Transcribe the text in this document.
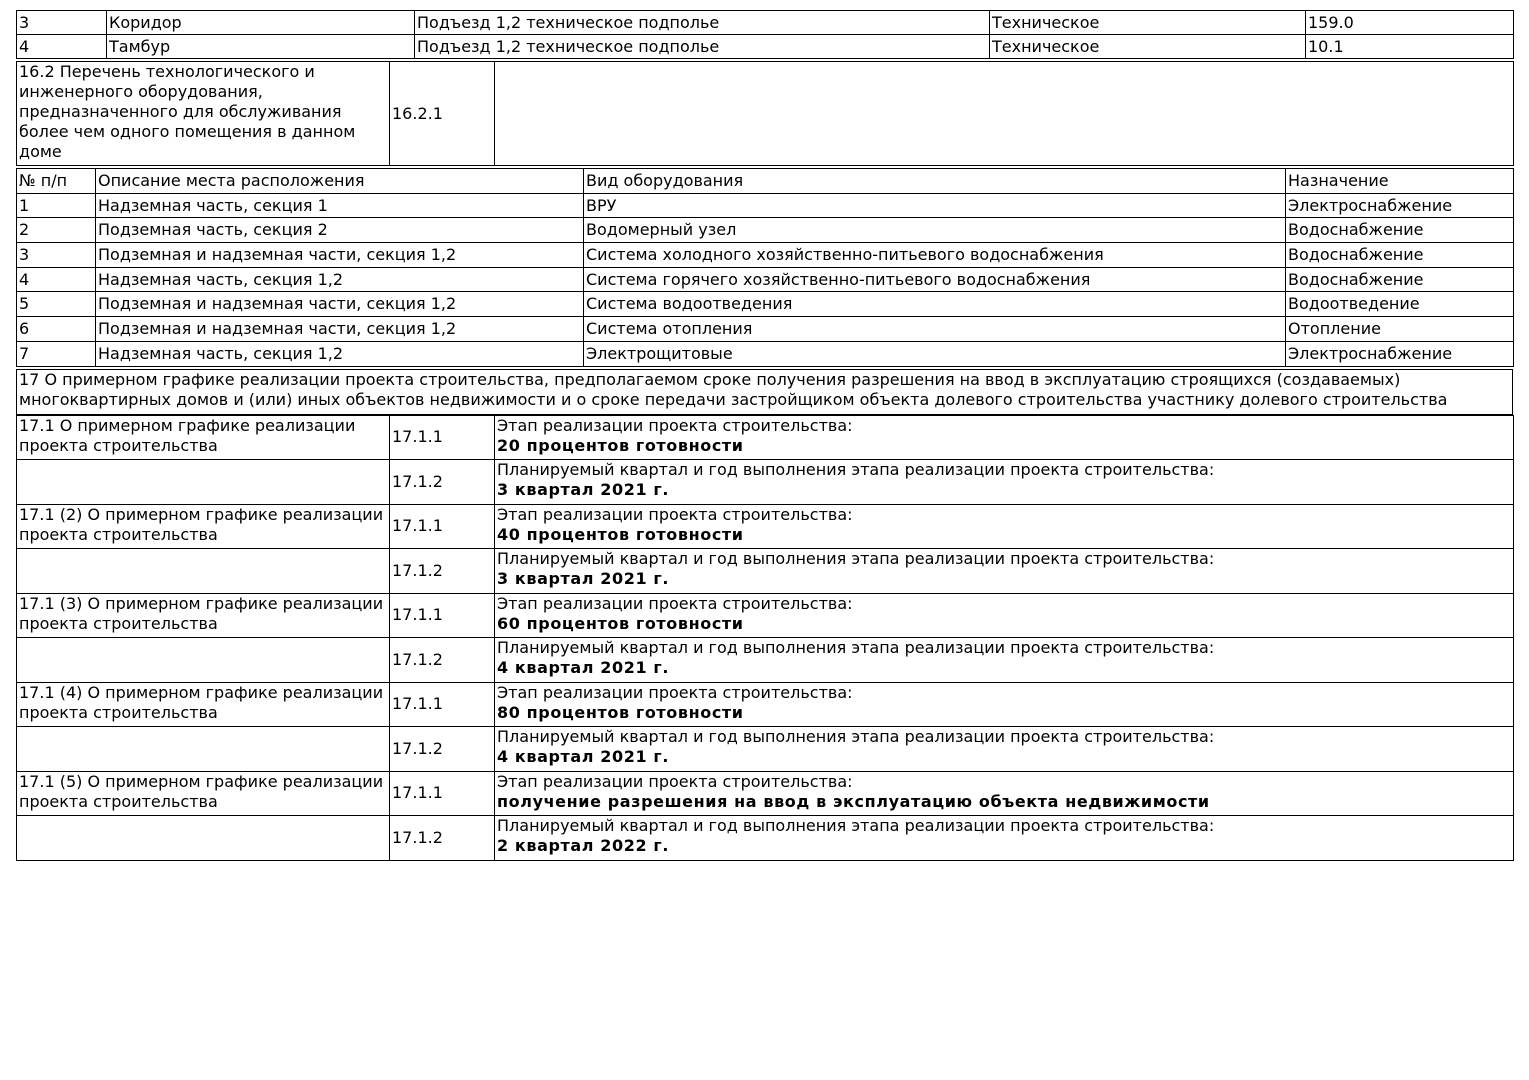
3	Коридор	Подъезд 1,2 техническое подполье	Техническое	159.0
4	Тамбур	Подъезд 1,2 техническое подполье	Техническое	10.1
16.2 Перечень технологического и инженерного оборудования, предназначенного для обслуживания более чем одного помещения в данном доме	16.2.1	
№ п/п	Описание места расположения	Вид оборудования	Назначение
1	Надземная часть, секция 1	ВРУ	Электроснабжение
2	Подземная часть, секция 2	Водомерный узел	Водоснабжение
3	Подземная и надземная части, секция 1,2	Система холодного хозяйственно-питьевого водоснабжения	Водоснабжение
4	Надземная часть, секция 1,2	Система горячего хозяйственно-питьевого водоснабжения	Водоснабжение
5	Подземная и надземная части, секция 1,2	Система водоотведения	Водоотведение
6	Подземная и надземная части, секция 1,2	Система отопления	Отопление
7	Надземная часть, секция 1,2	Электрощитовые	Электроснабжение
17 О примерном графике реализации проекта строительства, предполагаемом сроке получения разрешения на ввод в эксплуатацию строящихся (создаваемых) многоквартирных домов и (или) иных объектов недвижимости и о сроке передачи застройщиком объекта долевого строительства участнику долевого строительства
17.1 О примерном графике реализации проекта строительства	17.1.1	Этап реализации проекта строительства:
20 процентов готовности
	17.1.2	Планируемый квартал и год выполнения этапа реализации проекта строительства:
3 квартал 2021 г.
17.1 (2) О примерном графике реализации проекта строительства	17.1.1	Этап реализации проекта строительства:
40 процентов готовности
	17.1.2	Планируемый квартал и год выполнения этапа реализации проекта строительства:
3 квартал 2021 г.
17.1 (3) О примерном графике реализации проекта строительства	17.1.1	Этап реализации проекта строительства:
60 процентов готовности
	17.1.2	Планируемый квартал и год выполнения этапа реализации проекта строительства:
4 квартал 2021 г.
17.1 (4) О примерном графике реализации проекта строительства	17.1.1	Этап реализации проекта строительства:
80 процентов готовности
	17.1.2	Планируемый квартал и год выполнения этапа реализации проекта строительства:
4 квартал 2021 г.
17.1 (5) О примерном графике реализации проекта строительства	17.1.1	Этап реализации проекта строительства:
получение разрешения на ввод в эксплуатацию объекта недвижимости
	17.1.2	Планируемый квартал и год выполнения этапа реализации проекта строительства:
2 квартал 2022 г.
